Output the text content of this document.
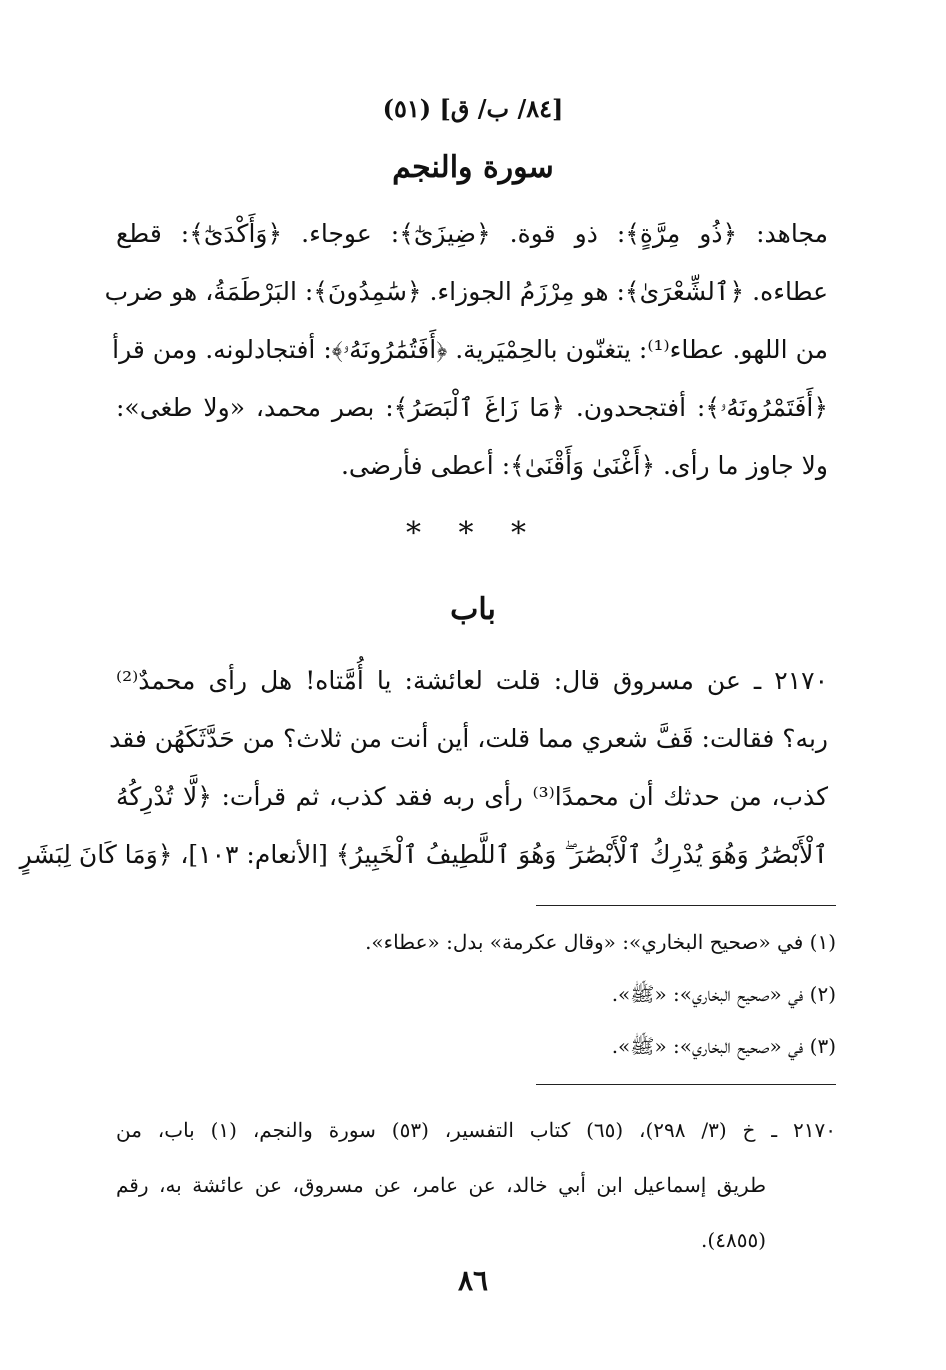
[٨٤/ ب/ ق] (٥١)
سورة والنجم
مجاهد: ﴿ذُو مِرَّةٍ﴾: ذو قوة. ﴿ضِيزَىٰٓ﴾: عوجاء. ﴿وَأَكْدَىٰٓ﴾: قطع
عطاءه. ﴿ٱلشِّعْرَىٰ﴾: هو مِرْزَمُ الجوزاء. ﴿سَٰمِدُونَ﴾: البَرْطَمَةُ، هو ضرب
من اللهو. عطاء⁽¹⁾: يتغنّون بالحِمْيَرية. ﴿أَفَتُمَٰرُونَهُۥ﴾: أفتجادلونه. ومن قرأ
﴿أَفَتَمْرُونَهُۥ﴾: أفتجحدون. ﴿مَا زَاغَ ٱلْبَصَرُ﴾: بصر محمد، «ولا طغى»:
ولا جاوز ما رأى. ﴿أَغْنَىٰ وَأَقْنَىٰ﴾: أعطى فأرضى.
* * *
باب
٢١٧٠ ـ عن مسروق قال: قلت لعائشة: يا أُمَّتاه! هل رأى محمدٌ⁽²⁾
ربه؟ فقالت: قَفَّ شعري مما قلت، أين أنت من ثلاث؟ من حَدَّثَكَهُن فقد
كذب، من حدثك أن محمدًا⁽³⁾ رأى ربه فقد كذب، ثم قرأت: ﴿لَّا تُدْرِكُهُ
ٱلْأَبْصَٰرُ وَهُوَ يُدْرِكُ ٱلْأَبْصَٰرَ ۖ وَهُوَ ٱللَّطِيفُ ٱلْخَبِيرُ﴾ [الأنعام: ١٠٣]، ﴿وَمَا كَانَ لِبَشَرٍ
(١) في «صحيح البخاري»: «وقال عكرمة» بدل: «عطاء».
(٢) في «صحيح البخاري»: «ﷺ».
(٣) في «صحيح البخاري»: «ﷺ».
٢١٧٠ ـ خ (٣/ ٢٩٨)، (٦٥) كتاب التفسير، (٥٣) سورة والنجم، (١) باب، من
طريق إسماعيل ابن أبي خالد، عن عامر، عن مسروق، عن عائشة به، رقم
(٤٨٥٥).
٨٦
